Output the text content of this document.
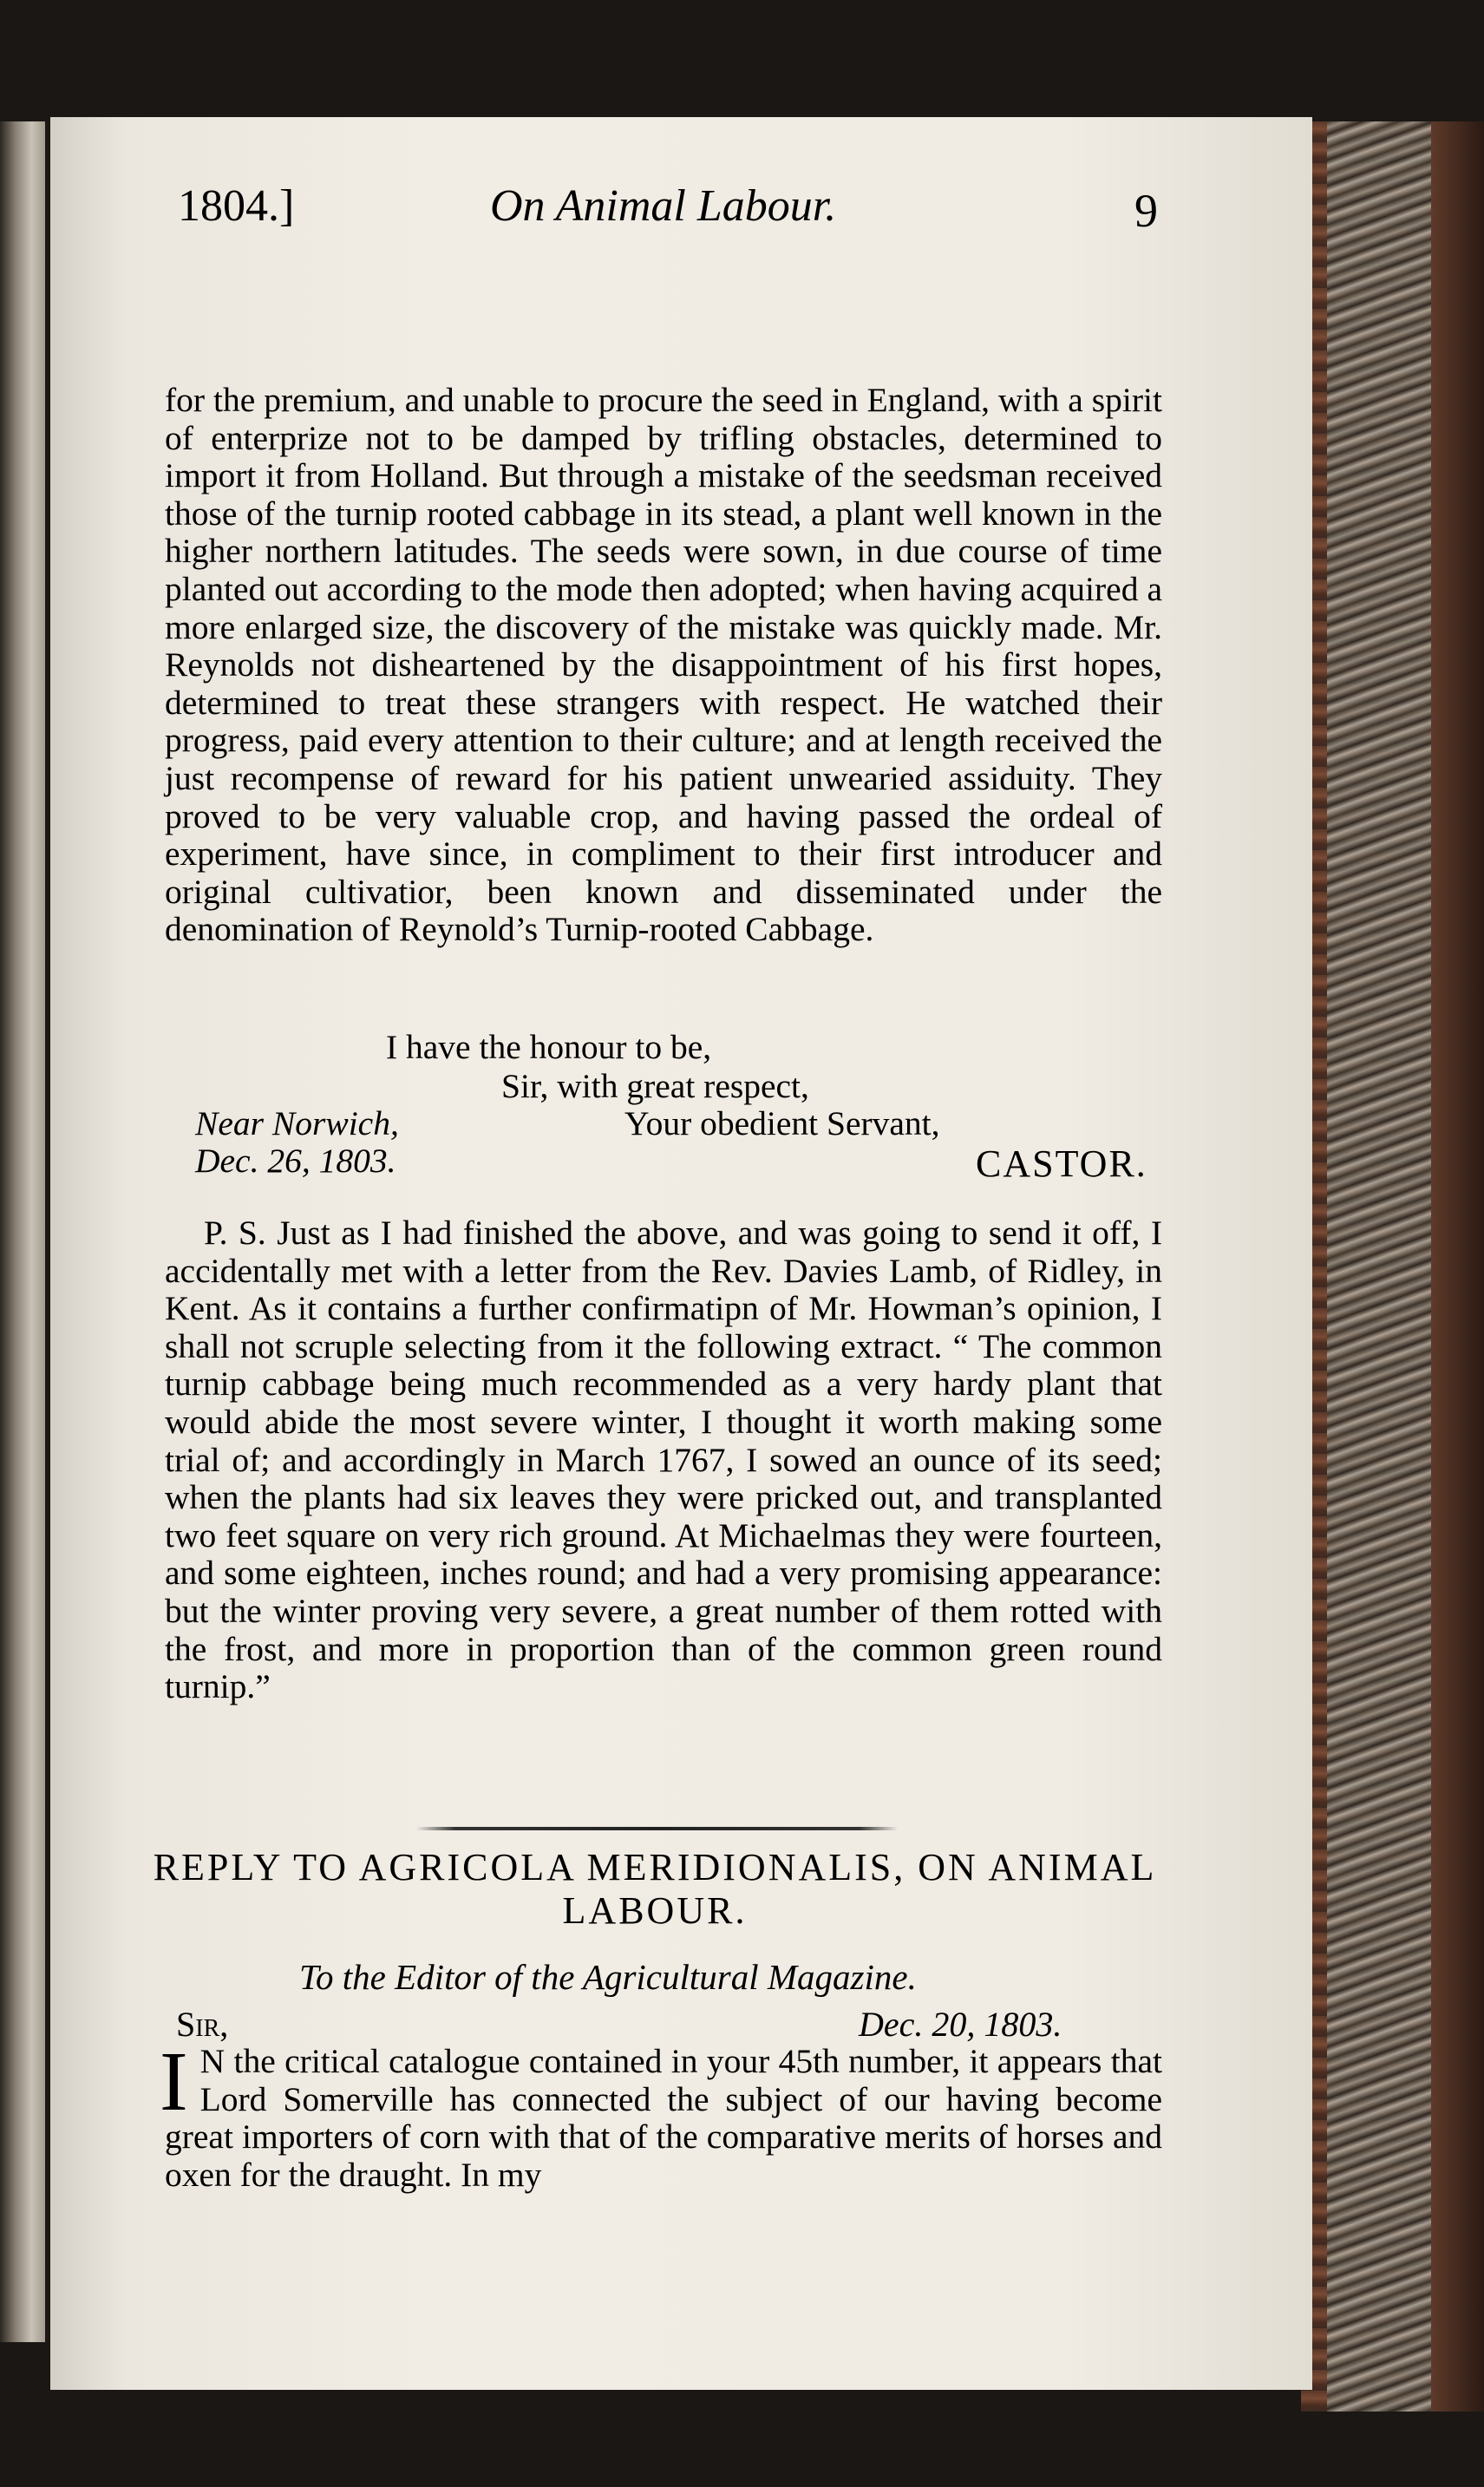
1804.]	On Animal Labour.	9

for the premium, and unable to procure the seed in England, with a spirit of enterprize not to be damped by trifling obstacles, determined to import it from Holland. But through a mistake of the seedsman received those of the turnip rooted cabbage in its stead, a plant well known in the higher northern latitudes. The seeds were sown, in due course of time planted out according to the mode then adopted; when having acquired a more enlarged size, the discovery of the mistake was quickly made. Mr. Reynolds not disheartened by the disappointment of his first hopes, determined to treat these strangers with respect. He watched their progress, paid every attention to their culture; and at length received the just recompense of reward for his patient unwearied assiduity. They proved to be very valuable crop, and having passed the ordeal of experiment, have since, in compliment to their first introducer and original cultivatior, been known and disseminated under the denomination of Reynold’s Turnip-rooted Cabbage.

I have the honour to be,
Sir, with great respect,
Near Norwich,	Your obedient Servant,
Dec. 26, 1803.	CASTOR.

P. S. Just as I had finished the above, and was going to send it off, I accidentally met with a letter from the Rev. Davies Lamb, of Ridley, in Kent. As it contains a further confirmatipn of Mr. Howman’s opinion, I shall not scruple selecting from it the following extract. “ The common turnip cabbage being much recommended as a very hardy plant that would abide the most severe winter, I thought it worth making some trial of; and accordingly in March 1767, I sowed an ounce of its seed; when the plants had six leaves they were pricked out, and transplanted two feet square on very rich ground. At Michaelmas they were fourteen, and some eighteen, inches round; and had a very promising appearance: but the winter proving very severe, a great number of them rotted with the frost, and more in proportion than of the common green round turnip.”

REPLY TO AGRICOLA MERIDIONALIS, ON ANIMAL LABOUR.
To the Editor of the Agricultural Magazine.
Sir,	Dec. 20, 1803.
I N the critical catalogue contained in your 45th number, it appears that Lord Somerville has connected the subject of our having become great importers of corn with that of the comparative merits of horses and oxen for the draught. In my
